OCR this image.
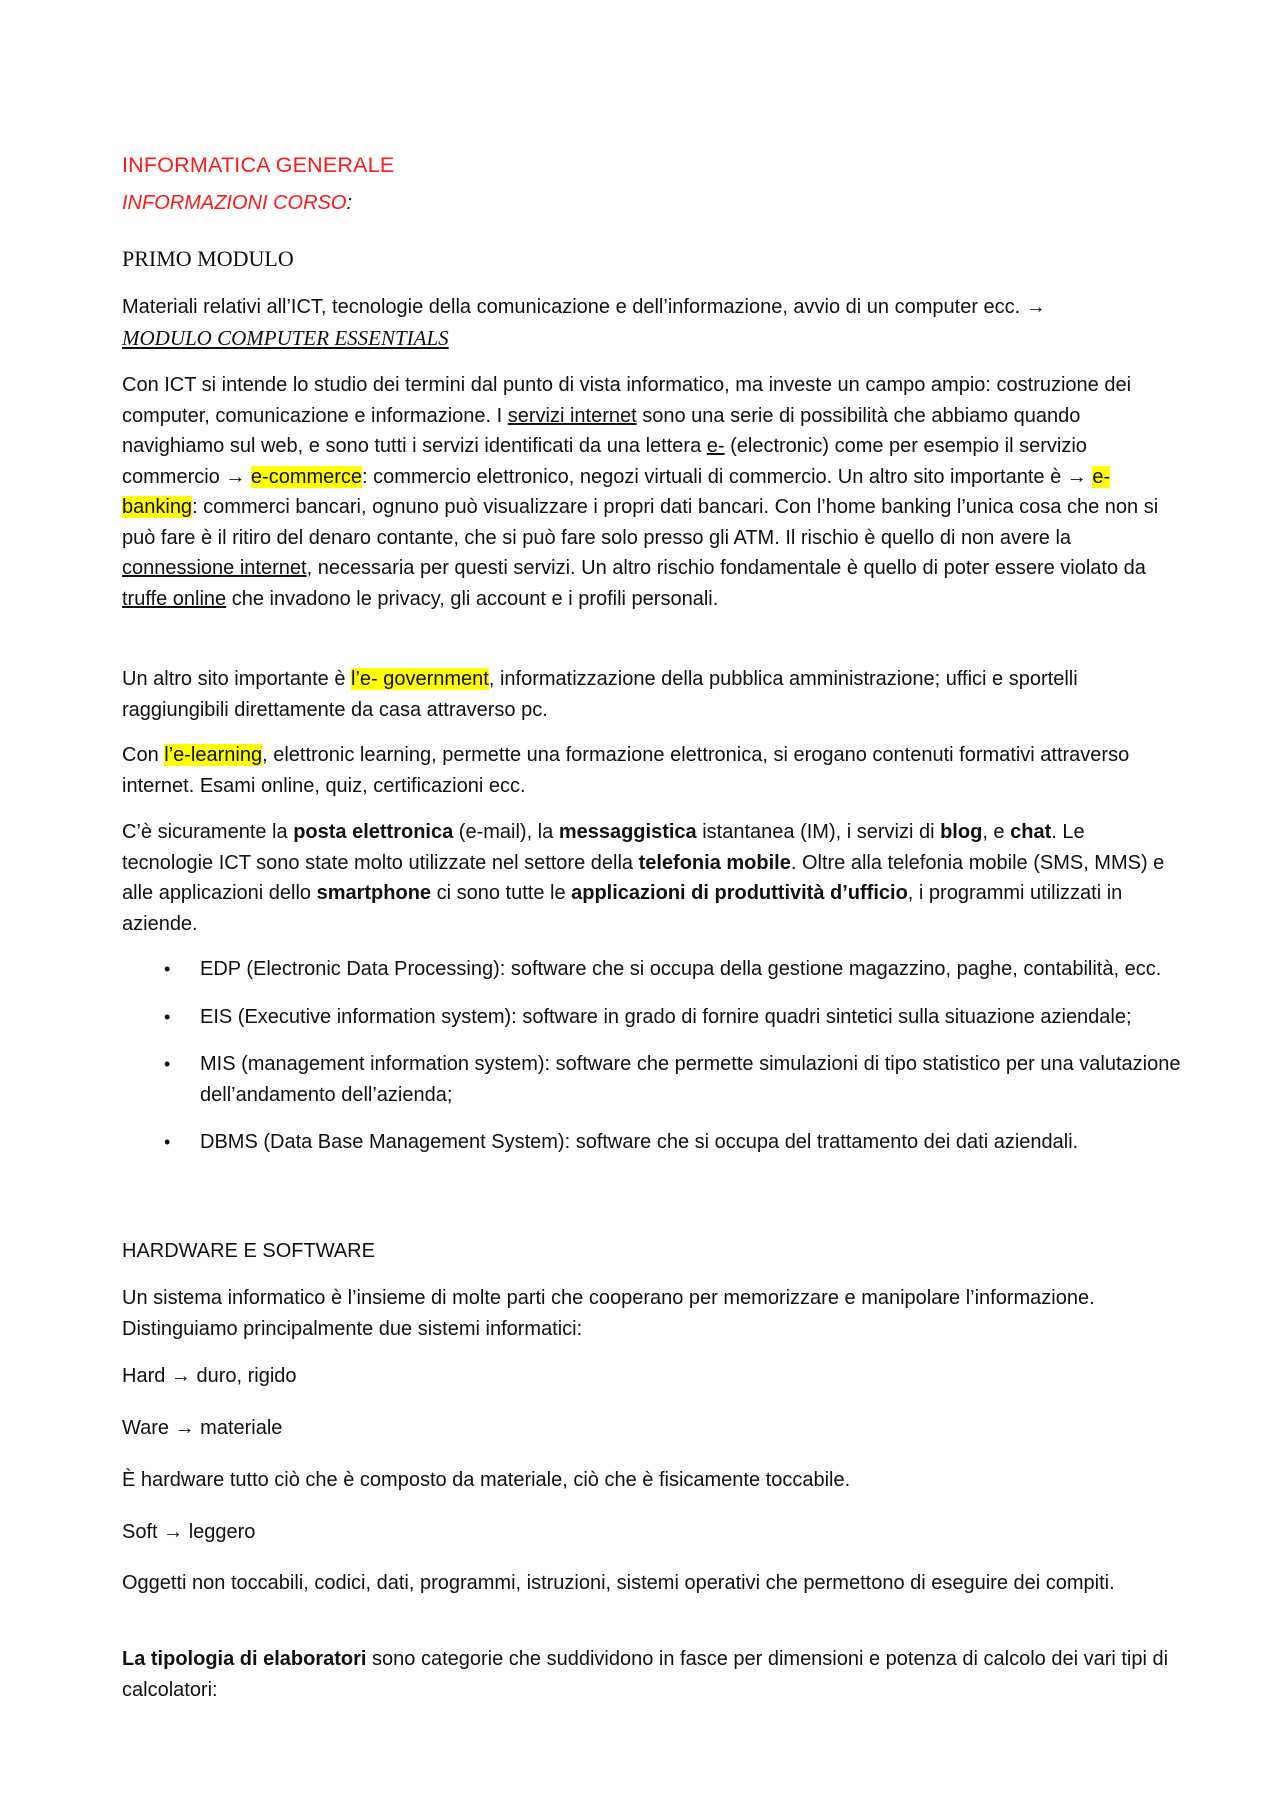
INFORMATICA GENERALE
INFORMAZIONI CORSO:
PRIMO MODULO

Materiali relativi all’ICT, tecnologie della comunicazione e dell’informazione, avvio di un computer ecc. →
MODULO COMPUTER ESSENTIALS

Con ICT si intende lo studio dei termini dal punto di vista informatico, ma investe un campo ampio: costruzione dei computer, comunicazione e informazione. I servizi internet sono una serie di possibilità che abbiamo quando navighiamo sul web, e sono tutti i servizi identificati da una lettera e- (electronic) come per esempio il servizio commercio → e-commerce: commercio elettronico, negozi virtuali di commercio. Un altro sito importante è → e-banking: commerci bancari, ognuno può visualizzare i propri dati bancari. Con l’home banking l’unica cosa che non si può fare è il ritiro del denaro contante, che si può fare solo presso gli ATM. Il rischio è quello di non avere la connessione internet, necessaria per questi servizi. Un altro rischio fondamentale è quello di poter essere violato da truffe online che invadono le privacy, gli account e i profili personali.

Un altro sito importante è l’e- government, informatizzazione della pubblica amministrazione; uffici e sportelli raggiungibili direttamente da casa attraverso pc.

Con l’e-learning, elettronic learning, permette una formazione elettronica, si erogano contenuti formativi attraverso internet. Esami online, quiz, certificazioni ecc.

C’è sicuramente la posta elettronica (e-mail), la messaggistica istantanea (IM), i servizi di blog, e chat. Le tecnologie ICT sono state molto utilizzate nel settore della telefonia mobile. Oltre alla telefonia mobile (SMS, MMS) e alle applicazioni dello smartphone ci sono tutte le applicazioni di produttività d’ufficio, i programmi utilizzati in aziende.

• EDP (Electronic Data Processing): software che si occupa della gestione magazzino, paghe, contabilità, ecc.
• EIS (Executive information system): software in grado di fornire quadri sintetici sulla situazione aziendale;
• MIS (management information system): software che permette simulazioni di tipo statistico per una valutazione dell’andamento dell’azienda;
• DBMS (Data Base Management System): software che si occupa del trattamento dei dati aziendali.

HARDWARE E SOFTWARE

Un sistema informatico è l’insieme di molte parti che cooperano per memorizzare e manipolare l’informazione. Distinguiamo principalmente due sistemi informatici:

Hard → duro, rigido

Ware → materiale

È hardware tutto ciò che è composto da materiale, ciò che è fisicamente toccabile.

Soft → leggero

Oggetti non toccabili, codici, dati, programmi, istruzioni, sistemi operativi che permettono di eseguire dei compiti.

La tipologia di elaboratori sono categorie che suddividono in fasce per dimensioni e potenza di calcolo dei vari tipi di calcolatori:
